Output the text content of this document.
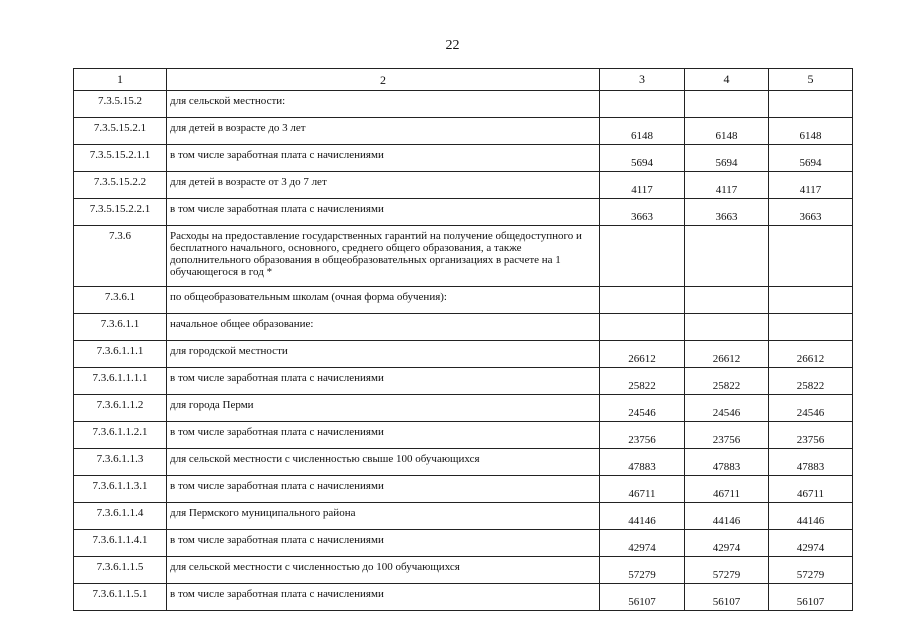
22
1	2	3	4	5
7.3.5.15.2	для сельской местности:			
7.3.5.15.2.1	для детей в возрасте до 3 лет	6148	6148	6148
7.3.5.15.2.1.1	в том числе заработная плата с начислениями	5694	5694	5694
7.3.5.15.2.2	для детей в возрасте от 3 до 7 лет	4117	4117	4117
7.3.5.15.2.2.1	в том числе заработная плата с начислениями	3663	3663	3663
7.3.6	Расходы на предоставление государственных гарантий на получение общедоступного и бесплатного начального, основного, среднего общего образования, а также дополнительного образования в общеобразовательных организациях в расчете на 1 обучающегося в год *			
7.3.6.1	по общеобразовательным школам (очная форма обучения):			
7.3.6.1.1	начальное общее образование:			
7.3.6.1.1.1	для городской местности	26612	26612	26612
7.3.6.1.1.1.1	в том числе заработная плата с начислениями	25822	25822	25822
7.3.6.1.1.2	для города Перми	24546	24546	24546
7.3.6.1.1.2.1	в том числе заработная плата с начислениями	23756	23756	23756
7.3.6.1.1.3	для сельской местности с численностью свыше 100 обучающихся	47883	47883	47883
7.3.6.1.1.3.1	в том числе заработная плата с начислениями	46711	46711	46711
7.3.6.1.1.4	для Пермского муниципального района	44146	44146	44146
7.3.6.1.1.4.1	в том числе заработная плата с начислениями	42974	42974	42974
7.3.6.1.1.5	для сельской местности с численностью до 100 обучающихся	57279	57279	57279
7.3.6.1.1.5.1	в том числе заработная плата с начислениями	56107	56107	56107
